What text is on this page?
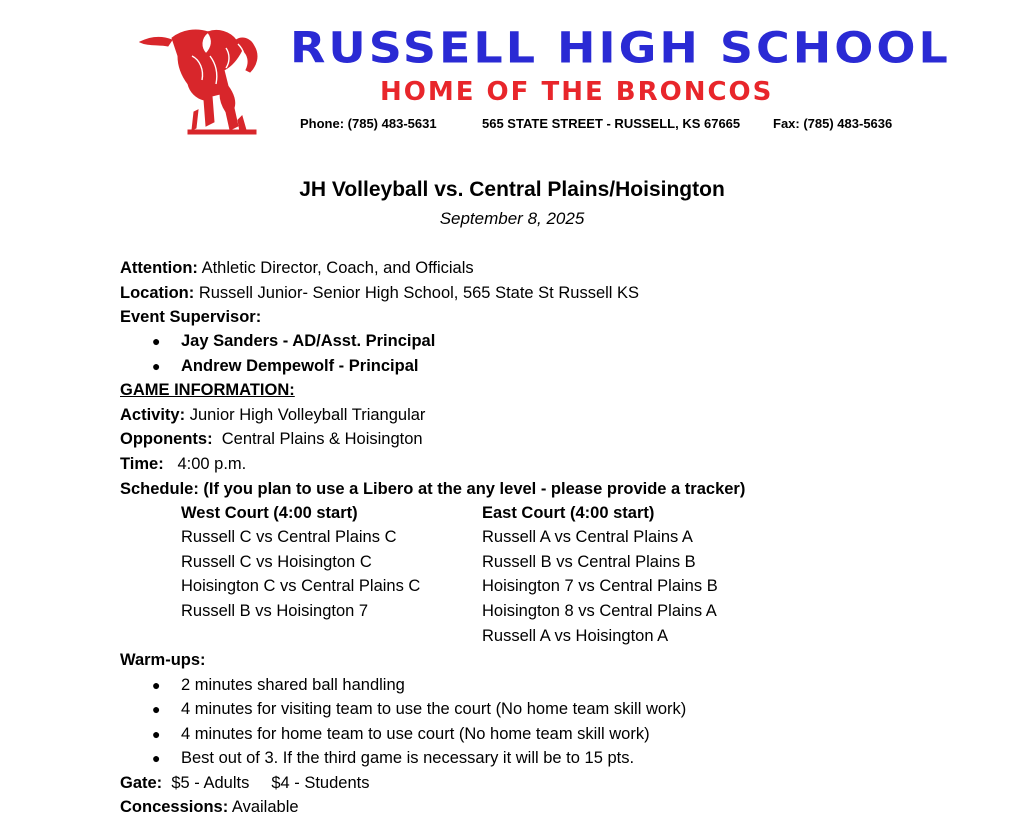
RUSSELL HIGH SCHOOL
HOME OF THE BRONCOS
Phone: (785) 483-5631	565 STATE STREET - RUSSELL, KS 67665	Fax: (785) 483-5636
JH Volleyball vs. Central Plains/Hoisington
September 8, 2025
Attention: Athletic Director, Coach, and Officials
Location: Russell Junior- Senior High School, 565 State St Russell KS
Event Supervisor:
● Jay Sanders - AD/Asst. Principal
● Andrew Dempewolf - Principal
GAME INFORMATION:
Activity: Junior High Volleyball Triangular
Opponents:  Central Plains & Hoisington
Time:   4:00 p.m.
Schedule: (If you plan to use a Libero at the any level - please provide a tracker)
West Court (4:00 start)
Russell C vs Central Plains C
Russell C vs Hoisington C
Hoisington C vs Central Plains C
Russell B vs Hoisington 7
East Court (4:00 start)
Russell A vs Central Plains A
Russell B vs Central Plains B
Hoisington 7 vs Central Plains B
Hoisington 8 vs Central Plains A
Russell A vs Hoisington A
Warm-ups:
● 2 minutes shared ball handling
● 4 minutes for visiting team to use the court (No home team skill work)
● 4 minutes for home team to use court (No home team skill work)
● Best out of 3. If the third game is necessary it will be to 15 pts.
Gate:  $5 - Adults $4 - Students
Concessions: Available
